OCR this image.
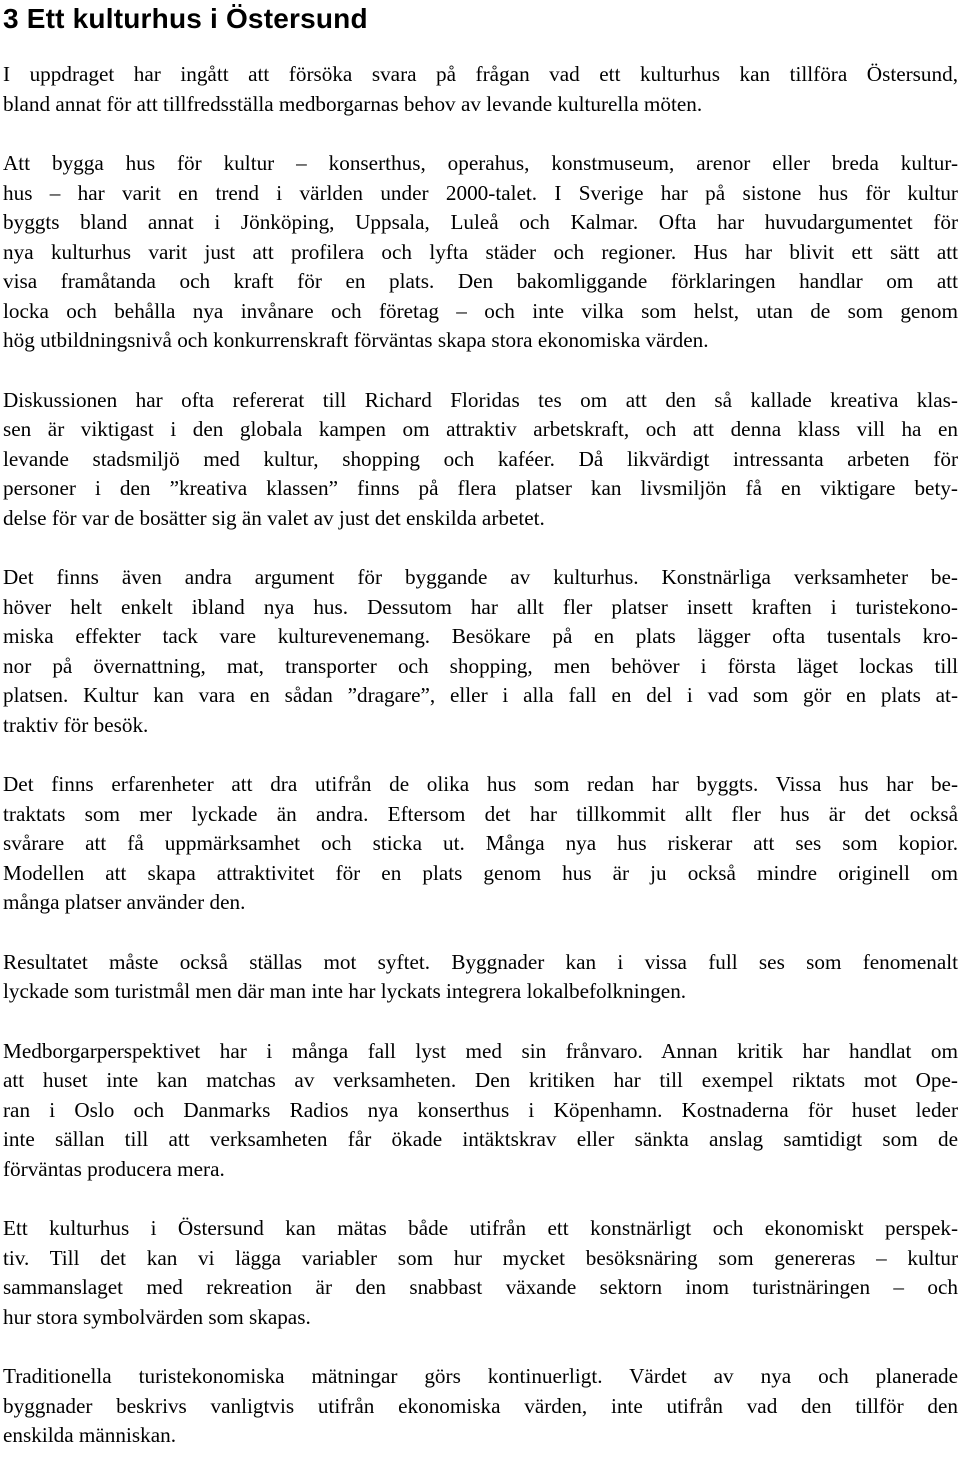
3 Ett kulturhus i Östersund

I uppdraget har ingått att försöka svara på frågan vad ett kulturhus kan tillföra Östersund,
bland annat för att tillfredsställa medborgarnas behov av levande kulturella möten.

Att bygga hus för kultur – konserthus, operahus, konstmuseum, arenor eller breda kultur-
hus – har varit en trend i världen under 2000-talet. I Sverige har på sistone hus för kultur
byggts bland annat i Jönköping, Uppsala, Luleå och Kalmar. Ofta har huvudargumentet för
nya kulturhus varit just att profilera och lyfta städer och regioner. Hus har blivit ett sätt att
visa framåtanda och kraft för en plats. Den bakomliggande förklaringen handlar om att
locka och behålla nya invånare och företag – och inte vilka som helst, utan de som genom
hög utbildningsnivå och konkurrenskraft förväntas skapa stora ekonomiska värden.

Diskussionen har ofta refererat till Richard Floridas tes om att den så kallade kreativa klas-
sen är viktigast i den globala kampen om attraktiv arbetskraft, och att denna klass vill ha en
levande stadsmiljö med kultur, shopping och kaféer. Då likvärdigt intressanta arbeten för
personer i den ”kreativa klassen” finns på flera platser kan livsmiljön få en viktigare bety-
delse för var de bosätter sig än valet av just det enskilda arbetet.

Det finns även andra argument för byggande av kulturhus. Konstnärliga verksamheter be-
höver helt enkelt ibland nya hus. Dessutom har allt fler platser insett kraften i turistekono-
miska effekter tack vare kulturevenemang. Besökare på en plats lägger ofta tusentals kro-
nor på övernattning, mat, transporter och shopping, men behöver i första läget lockas till
platsen. Kultur kan vara en sådan ”dragare”, eller i alla fall en del i vad som gör en plats at-
traktiv för besök.

Det finns erfarenheter att dra utifrån de olika hus som redan har byggts. Vissa hus har be-
traktats som mer lyckade än andra. Eftersom det har tillkommit allt fler hus är det också
svårare att få uppmärksamhet och sticka ut. Många nya hus riskerar att ses som kopior.
Modellen att skapa attraktivitet för en plats genom hus är ju också mindre originell om
många platser använder den.

Resultatet måste också ställas mot syftet. Byggnader kan i vissa full ses som fenomenalt
lyckade som turistmål men där man inte har lyckats integrera lokalbefolkningen.

Medborgarperspektivet har i många fall lyst med sin frånvaro. Annan kritik har handlat om
att huset inte kan matchas av verksamheten. Den kritiken har till exempel riktats mot Ope-
ran i Oslo och Danmarks Radios nya konserthus i Köpenhamn. Kostnaderna för huset leder
inte sällan till att verksamheten får ökade intäktskrav eller sänkta anslag samtidigt som de
förväntas producera mera.

Ett kulturhus i Östersund kan mätas både utifrån ett konstnärligt och ekonomiskt perspek-
tiv. Till det kan vi lägga variabler som hur mycket besöksnäring som genereras – kultur
sammanslaget med rekreation är den snabbast växande sektorn inom turistnäringen – och
hur stora symbolvärden som skapas.

Traditionella turistekonomiska mätningar görs kontinuerligt. Värdet av nya och planerade
byggnader beskrivs vanligtvis utifrån ekonomiska värden, inte utifrån vad den tillför den
enskilda människan.
